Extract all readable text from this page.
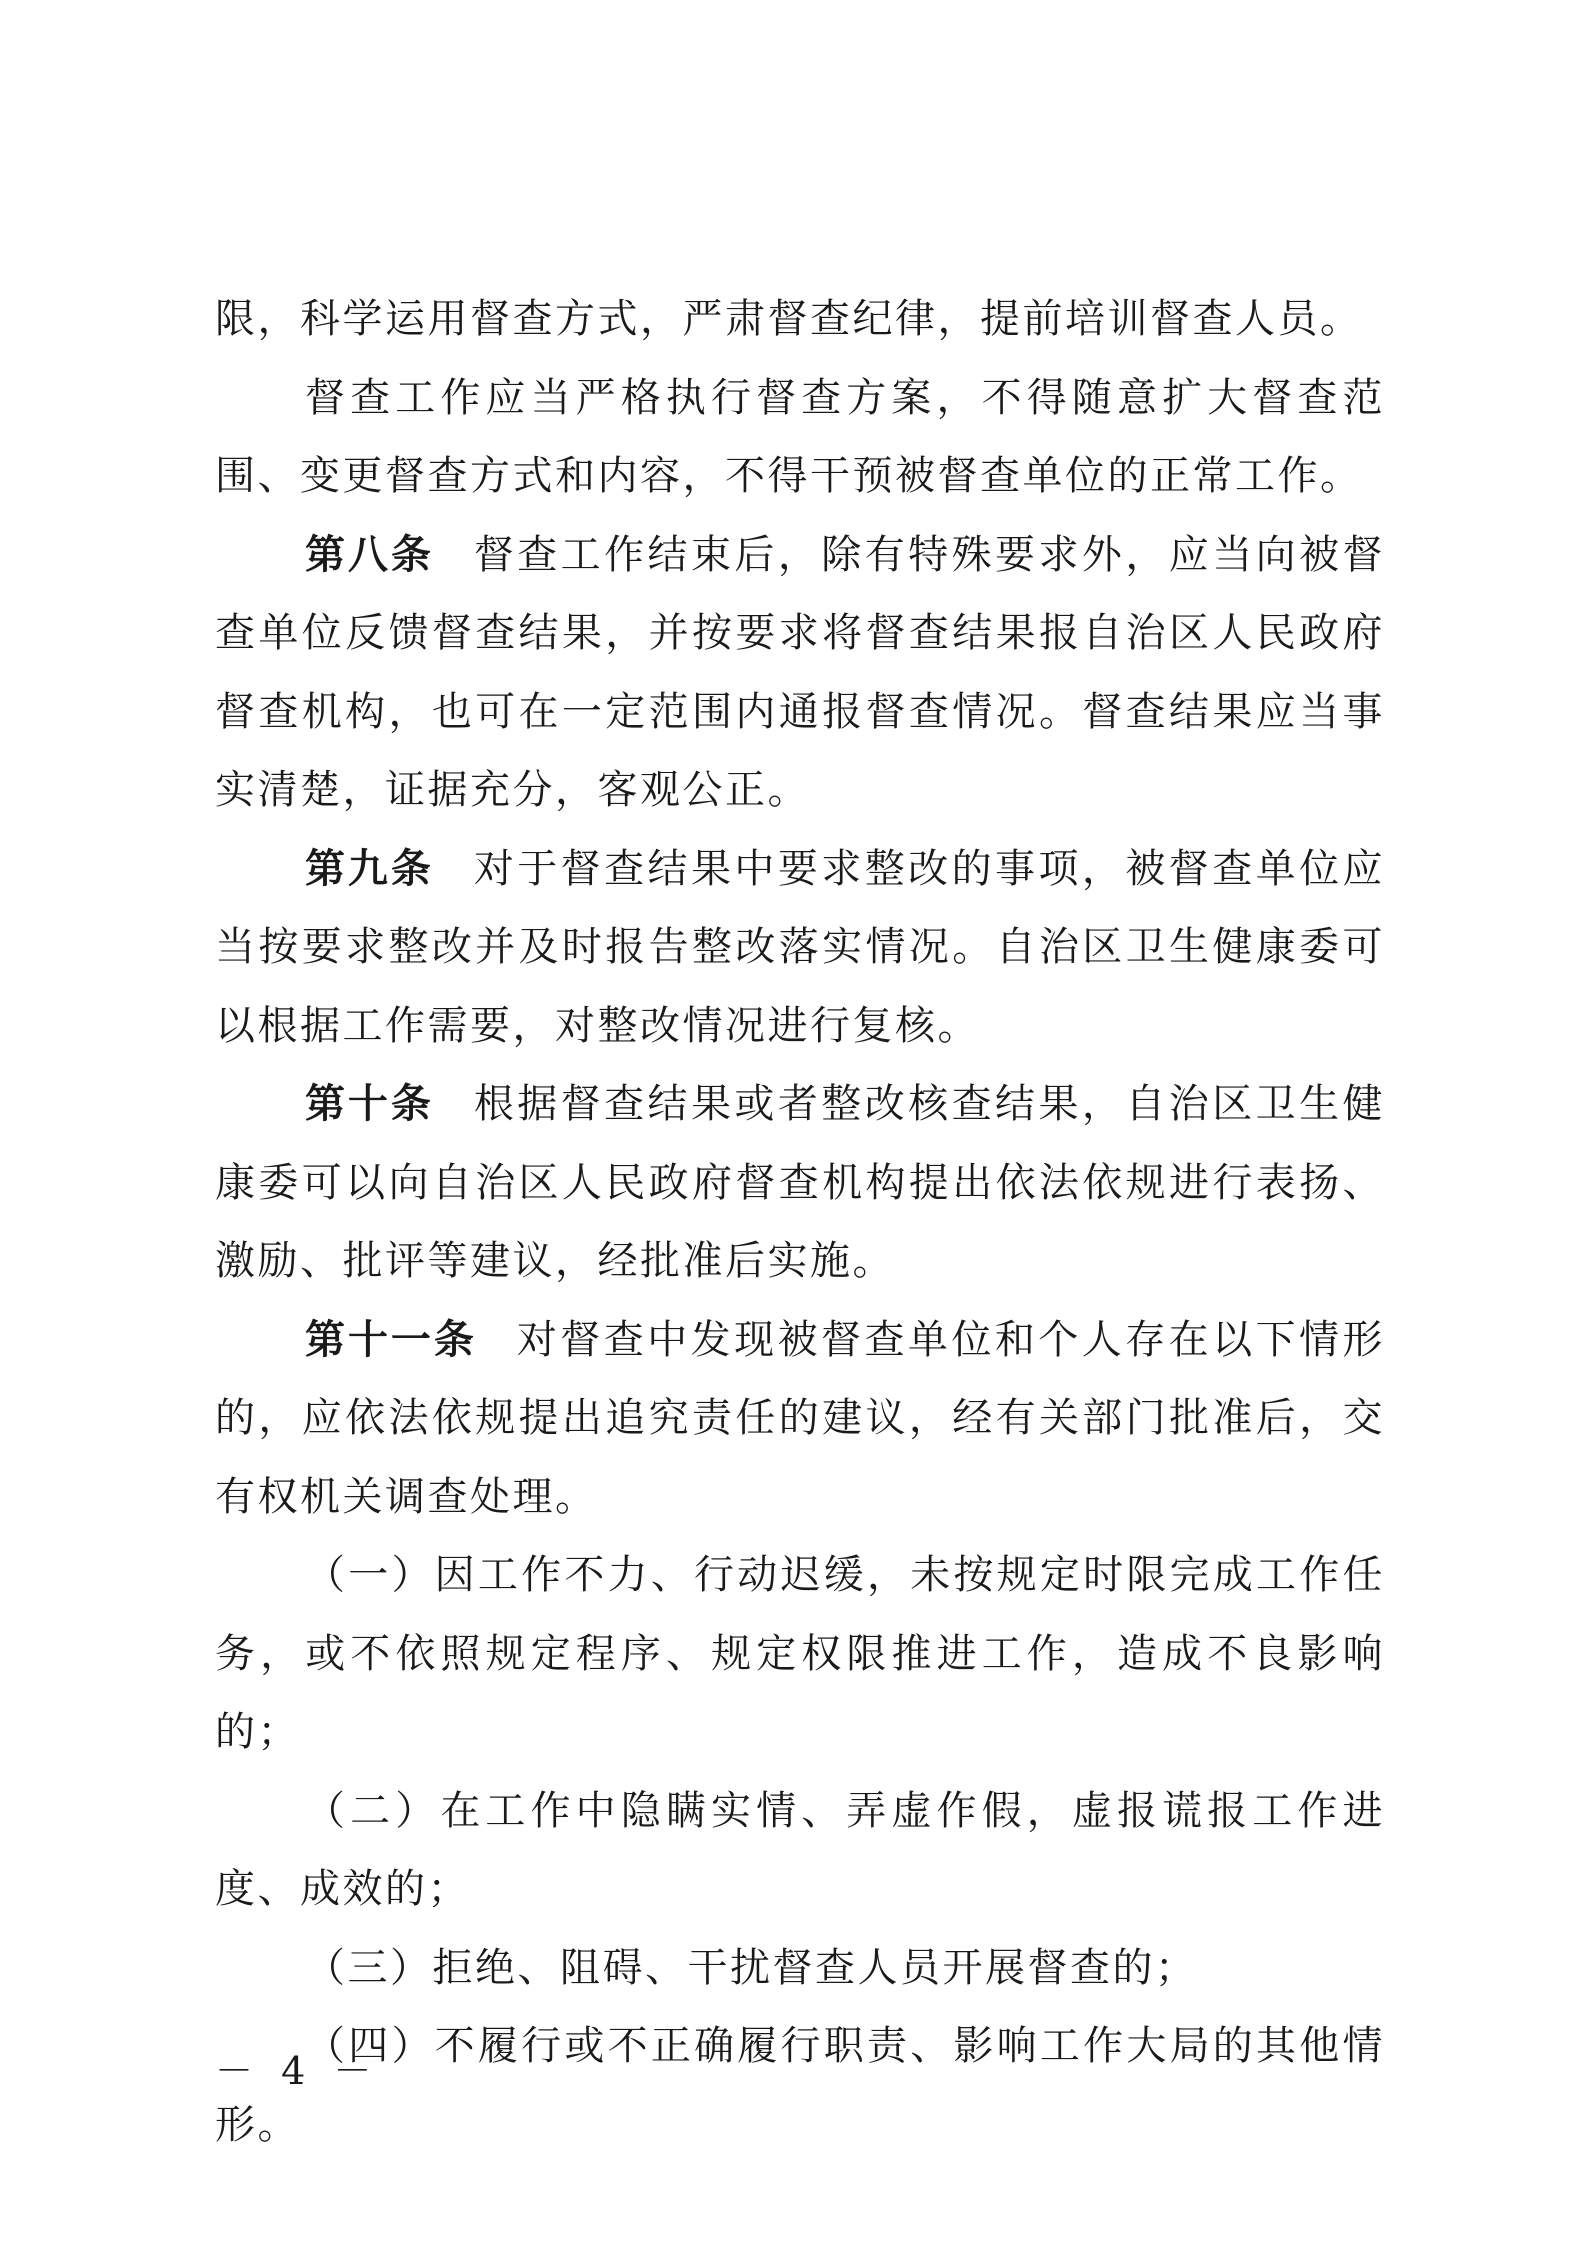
限，科学运用督查方式，严肃督查纪律，提前培训督查人员。

督查工作应当严格执行督查方案，不得随意扩大督查范围、变更督查方式和内容，不得干预被督查单位的正常工作。

第八条 督查工作结束后，除有特殊要求外，应当向被督查单位反馈督查结果，并按要求将督查结果报自治区人民政府督查机构，也可在一定范围内通报督查情况。督查结果应当事实清楚，证据充分，客观公正。

第九条 对于督查结果中要求整改的事项，被督查单位应当按要求整改并及时报告整改落实情况。自治区卫生健康委可以根据工作需要，对整改情况进行复核。

第十条 根据督查结果或者整改核查结果，自治区卫生健康委可以向自治区人民政府督查机构提出依法依规进行表扬、激励、批评等建议，经批准后实施。

第十一条 对督查中发现被督查单位和个人存在以下情形的，应依法依规提出追究责任的建议，经有关部门批准后，交有权机关调查处理。

（一）因工作不力、行动迟缓，未按规定时限完成工作任务，或不依照规定程序、规定权限推进工作，造成不良影响的；

（二）在工作中隐瞒实情、弄虚作假，虚报谎报工作进度、成效的；

（三）拒绝、阻碍、干扰督查人员开展督查的；

（四）不履行或不正确履行职责、影响工作大局的其他情形。

－ 4 －
